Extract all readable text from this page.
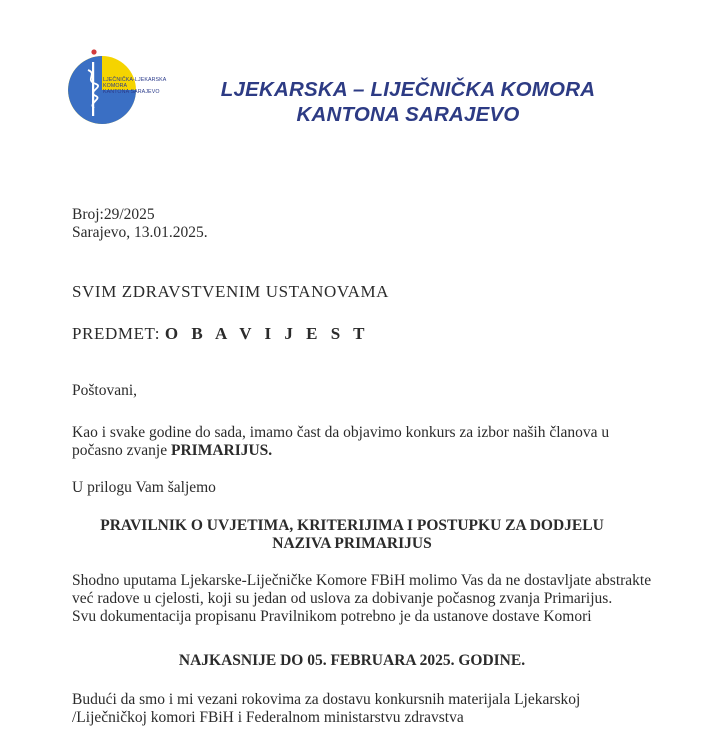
LJEČNIČKA-LJEKARSKA
KOMORA
KANTONA SARAJEVO	LJEKARSKA – LIJEČNIČKA KOMORA
KANTONA SARAJEVO
Broj:29/2025
Sarajevo, 13.01.2025.
SVIM ZDRAVSTVENIM USTANOVAMA
PREDMET: O B A V I J E S T
Poštovani,
Kao i svake godine do sada, imamo čast da objavimo konkurs za izbor naših članova u
počasno zvanje PRIMARIJUS.
U prilogu Vam šaljemo
PRAVILNIK O UVJETIMA, KRITERIJIMA I POSTUPKU ZA DODJELU
NAZIVA PRIMARIJUS
Shodno uputama Ljekarske-Liječničke Komore FBiH molimo Vas da ne dostavljate abstrakte
već radove u cjelosti, koji su jedan od uslova za dobivanje počasnog zvanja Primarijus.
Svu dokumentacija propisanu Pravilnikom potrebno je da ustanove dostave Komori
NAJKASNIJE DO 05. FEBRUARA 2025. GODINE.
Budući da smo i mi vezani rokovima za dostavu konkursnih materijala Ljekarskoj
/Liječničkoj komori FBiH i Federalnom ministarstvu zdravstva
